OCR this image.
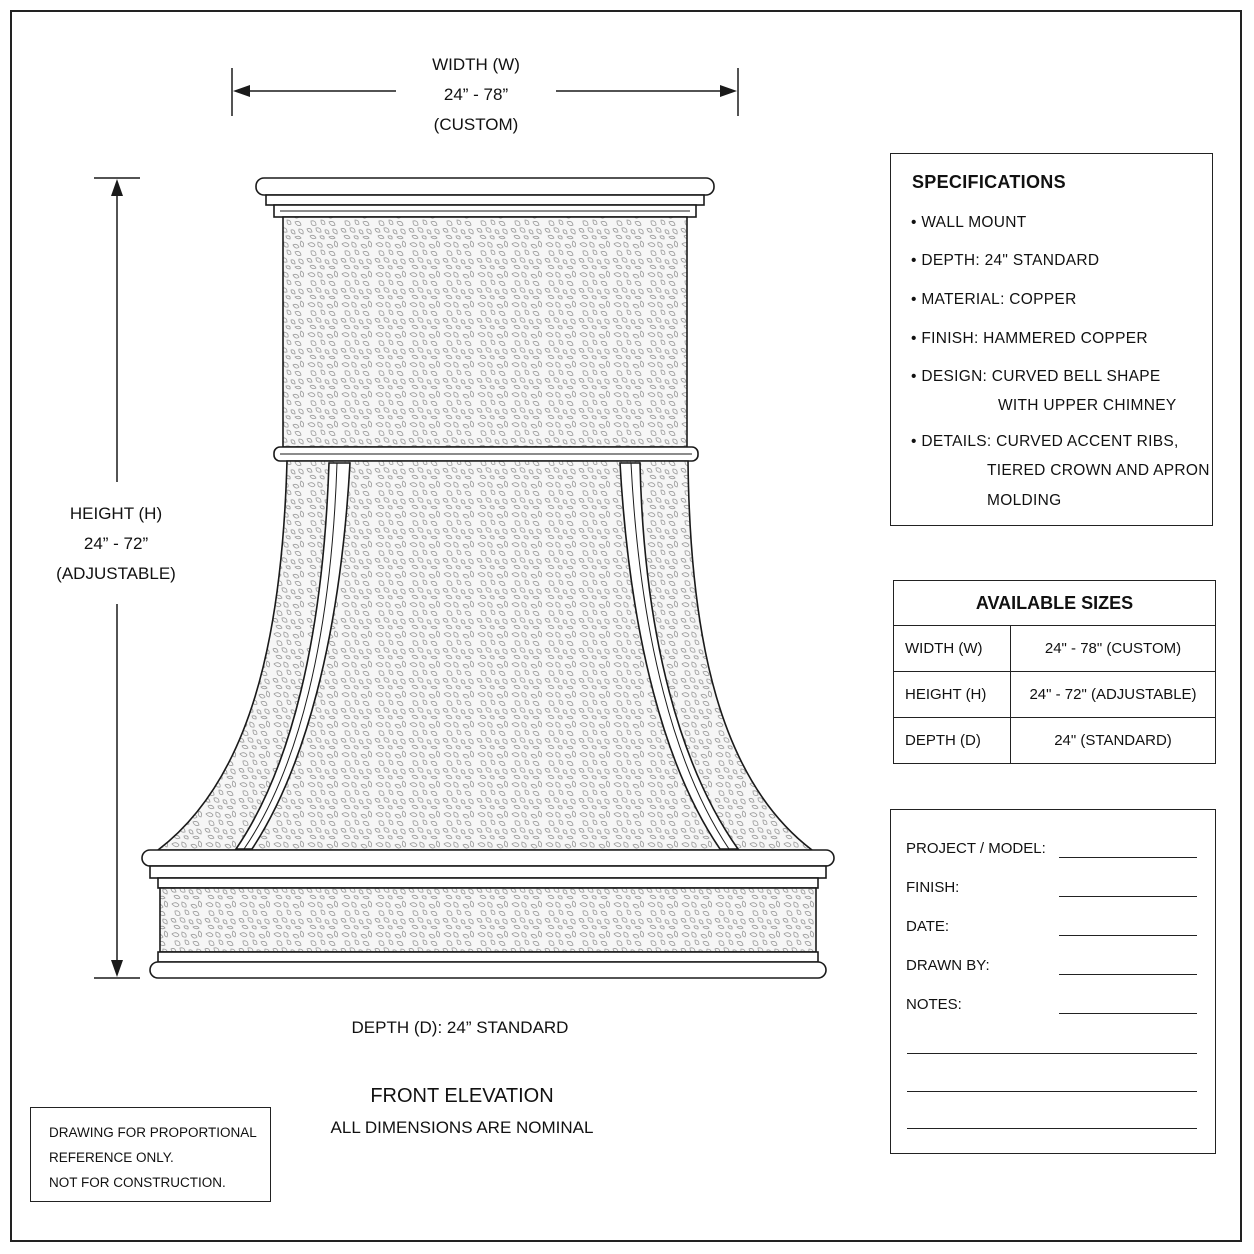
WIDTH (W)
24” - 78”
(CUSTOM)
HEIGHT (H)
24” - 72”
(ADJUSTABLE)
DEPTH (D): 24” STANDARD
FRONT ELEVATION
ALL DIMENSIONS ARE NOMINAL
DRAWING FOR PROPORTIONAL
REFERENCE ONLY.
NOT FOR CONSTRUCTION.
SPECIFICATIONS
• WALL MOUNT
• DEPTH: 24" STANDARD
• MATERIAL: COPPER
• FINISH: HAMMERED COPPER
• DESIGN: CURVED BELL SHAPE
WITH UPPER CHIMNEY
• DETAILS: CURVED ACCENT RIBS,
TIERED CROWN AND APRON
MOLDING
AVAILABLE SIZES	
WIDTH (W)	24" - 78" (CUSTOM)
HEIGHT (H)	24" - 72" (ADJUSTABLE)
DEPTH (D)	24" (STANDARD)
PROJECT / MODEL:
FINISH:
DATE:
DRAWN BY:
NOTES:
